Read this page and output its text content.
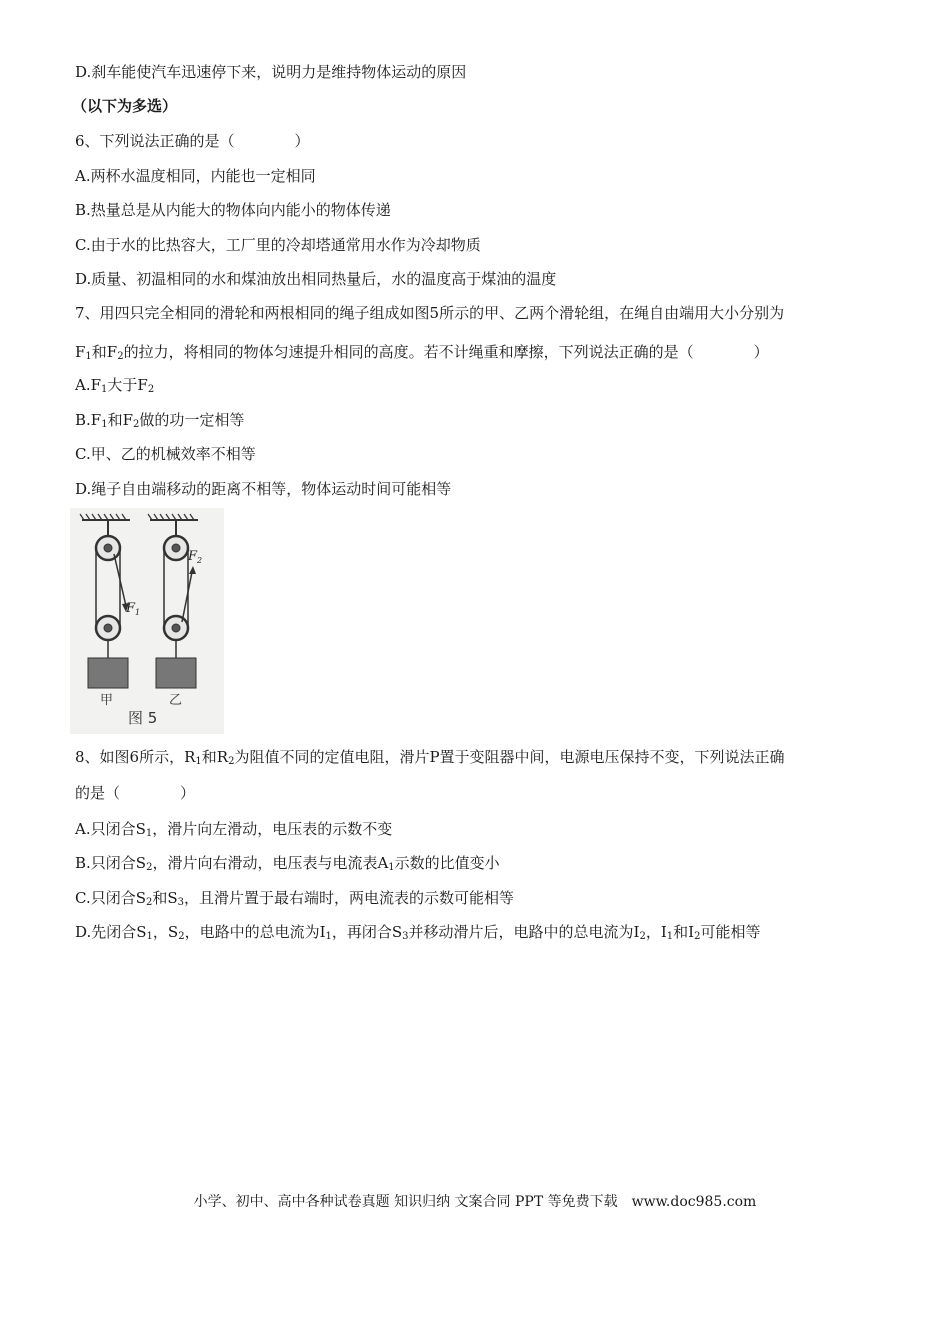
D.刹车能使汽车迅速停下来，说明力是维持物体运动的原因
（以下为多选）
6、下列说法正确的是（　　　　）
A.两杯水温度相同，内能也一定相同
B.热量总是从内能大的物体向内能小的物体传递
C.由于水的比热容大，工厂里的冷却塔通常用水作为冷却物质
D.质量、初温相同的水和煤油放出相同热量后，水的温度高于煤油的温度
7、用四只完全相同的滑轮和两根相同的绳子组成如图5所示的甲、乙两个滑轮组，在绳自由端用大小分别为
$F_1$和$F_2$的拉力，将相同的物体匀速提升相同的高度。若不计绳重和摩擦，下列说法正确的是（　　　　）
$A.F_1$大于$F_2$
$B.F_1$和$F_2$做的功一定相等
C.甲、乙的机械效率不相等
D.绳子自由端移动的距离不相等，物体运动时间可能相等
$F_1$
$F_2$
甲	乙
图 5
8、如图6所示，$R_1$和$R_2$为阻值不同的定值电阻，滑片P置于变阻器中间，电源电压保持不变，下列说法正确
的是（　　　　）
A.只闭合$S_1$，滑片向左滑动，电压表的示数不变
B.只闭合$S_2$，滑片向右滑动，电压表与电流表$A_1$示数的比值变小
C.只闭合$S_2$和$S_3$，且滑片置于最右端时，两电流表的示数可能相等
D.先闭合$S_1$，$S_2$，电路中的总电流为$I_1$，再闭合$S_3$并移动滑片后，电路中的总电流为$I_2$，$I_1$和$I_2$可能相等
小学、初中、高中各种试卷真题 知识归纳 文案合同 PPT 等免费下载　www.doc985.com
